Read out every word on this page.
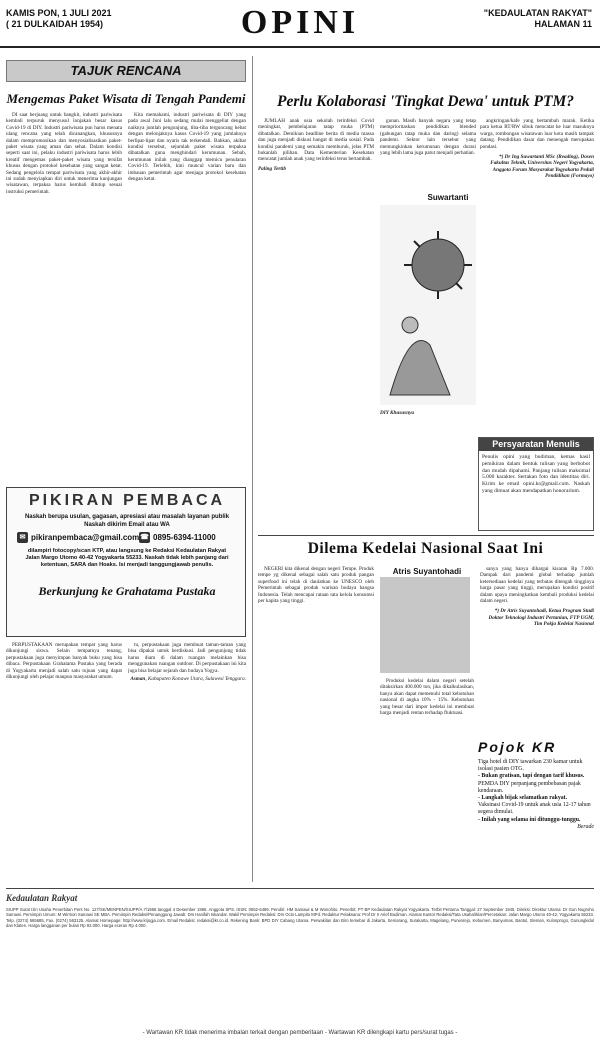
KAMIS PON, 1 JULI 2021
( 21 DULKAIDAH 1954)	OPINI	"KEDAULATAN RAKYAT"
HALAMAN 11
TAJUK RENCANA
Mengemas Paket Wisata di Tengah Pandemi

DI saat berjuang untuk bangkit, industri pariwisata kembali terpuruk menyusul lonjakan besar kasus Covid-19 di DIY. Industri pariwisata pun harus menata ulang rencana yang telah dicanangkan, khususnya dalam mempromosikan dan menyosialisasikan paket-paket wisata yang aman dan sehat. Dalam kondisi seperti saat ini, pelaku industri pariwisata harus lebih kreatif mengemas paket-paket wisata yang tersifat khusus dengan protokol kesehatan yang sangat ketat. Sedang pengelola tempat pariwisata yang akhir-akhir ini sudah menyiapkan diri untuk menerima kunjungan wisatawan, terpaksa harus kembali ditutup sesuai instruksi pemerintah.

Kita memahami, industri pariwisata di DIY yang pada awal Juni lalu sedang mulai menggeliat dengan naiknya jumlah pengunjung, tiba-tiba terguncang hebat dengan melonjaknya kasus Covid-19 yang jumlahnya berlipat-lipat dan nyaris tak terkendali. Bahkan, akibat kondisi tersebut, sejumlah paket wisata terpaksa dibatalkan guna menghindari kerumunan. Sebab, kerumunan inilah yang dianggap memicu penularan Covid-19. Terlebih, kini muncul varian baru dan imbauan pemerintah agar menjaga protokol kesehatan dengan ketat.

PIKIRAN PEMBACA
Naskah berupa usulan, gagasan, apresiasi atau masalah layanan publik
Naskah dikirim Email atau WA
✉ pikiranpembaca@gmail.com ☎ 0895-6394-11000
dilampiri fotocopy/scan KTP, atau langsung ke Redaksi Kedaulatan Rakyat
Jalan Margo Utomo 40-42 Yogyakarta 55233. Naskah tidak lebih panjang dari ketentuan, SARA dan Hoaks. Isi menjadi tanggungjawab penulis.
Berkunjung ke Grahatama Pustaka

PERPUSTAKAAN merupakan tempat yang harus dikunjungi siswa. Selain tempatnya tenang, perpustakaan juga menyimpan banyak buku yang bisa dibaca. Perpustakaan Grahatama Pustaka yang berada di Yogyakarta menjadi salah satu tujuan yang dapat dikunjungi oleh pelajar maupun masyarakat umum.

tu, perpustakaan juga membuat taman-taman yang bisa dipakai untuk berdiskusi. Jadi pengunjung tidak harus diam di dalam ruangan melainkan bisa menggunakan ruangan outdoor. Di perpustakaan ini kita juga bisa belajar sejarah dan budaya Yogya.

Asman, Kabupaten Konawe Utara, Sulawesi Tenggara.

Perlu Kolaborasi 'Tingkat Dewa' untuk PTM?

JUMLAH anak usia sekolah terinfeksi Covid meningkat, pembelajaran tatap muka (PTM) dibatalkan. Demikian headline berita di media massa dan juga menjadi diskusi hangat di media sosial. Pada kondisi pandemi yang semakin memburuk, jelas PTM bukanlah pilihan. Data Kementerian Kesehatan mencatat jumlah anak yang terinfeksi terus bertambah.

Paling Tertib

Suwartanti

gunan. Masih banyak negara yang tetap memprioritaskan pendidikan blended (gabungan tatap muka dan daring) selama pandemi. Sektor lain tersebut yang memungkinkan kerumunan dengan durasi yang lebih lama juga patut menjadi perhatian.

DIY Khususnya

angkringan/kafe yang bertambah marak. Ketika para ketua RT/RW sibuk mencatat ke luar masuknya warga, rombongan wisatawan luar kota masih tampak datang. Pendidikan dasar dan menengah merupakan pondasi.

*) Dr Ing Suwartanti MSc (Reading), Dosen Fakultas Teknik, Universitas Negeri Yogyakarta, Anggota Forum Masyarakat Yogyakarta Peduli Pendidikan (Formayo)

Persyaratan Menulis
Penulis opini yang budiman, kemas hasil pemikiran dalam bentuk tulisan yang berbobot dan mudah dipahami. Panjang tulisan maksimal 5.000 karakter. Sertakan foto dan identitas diri. Kirim ke email opini.kr@gmail.com. Naskah yang dimuat akan mendapatkan honorarium.
Dilema Kedelai Nasional Saat Ini

NEGERI kita dikenal dengan negeri Tempe. Produk tempe yg dikenal sebagai salah satu produk pangan superfood ini telah di daulatkan ke UNESCO oleh Pemerintah sebagai produk warisan budaya bangsa Indonesia. Telah mencapai rataan tata kelola konsumsi per kapita yang tinggi.

Atris Suyantohadi

Produksi kedelai dalam negeri setelah ditaksirkan 400.000 ton, jika dikalkulasikan, hanya akan dapat memenuhi total kebutuhan nasional di angka 10% - 15%. Kebutuhan yang besar dari impor kedelai ini membuat harga menjadi rentan terhadap fluktuasi.

sanya yang hanya dihargai kisaran Rp 7.000. Dampak dari pandemi global terhadap jumlah ketersediaan kedelai yang terbatas ditengah tingginya harga pasar yang tinggi, merupakan kondisi positif dalam upaya meningkatkan kembali produksi kedelai dalam negeri.

*) Dr Atris Suyantohadi, Ketua Program Studi Doktor Teknologi Industri Pertanian, FTP UGM, Tim Pokja Kedelai Nasional

Pojok KR
Tiga hotel di DIY tawarkan 230 kamar untuk isolasi pasien OTG.
- Bukan gratisan, tapi dengan tarif khusus.
PEMDA DIY perpanjang pembebasan pajak kendaraan.
- Langkah bijak selamatkan rakyat.
Vaksinasi Covid-19 untuk anak usia 12-17 tahun segera dimulai.
- Inilah yang selama ini ditunggu-tunggu.
Berade
Kedaulatan Rakyat
SIUPP Surat Izin Usaha Penerbitan Pers No. 127/SK/MENPEN/SIUPP/A.7/1986 tanggal 4 Desember 1986. Anggota SPS. ISSN: 0852-6486. Pendiri: HM Samawi & M Wonohito. Penerbit: PT BP Kedaulatan Rakyat Yogyakarta. Terbit Pertama Tanggal: 27 September 1945. Direksi: Direktur Utama: Dr Gun Nugroho Samawi. Pemimpin Umum: M Wirmon Samawi SE MBA. Pemimpin Redaksi/Penanggung Jawab: Drs Hanifah Iskandar. Wakil Pemimpin Redaksi: Drs Octo Lampito MPd. Redaktur Pelaksana: Prof Dr Ir Arief Budiman. Alamat Kantor Redaksi/Tata Usaha/Iklan/Percetakan: Jalan Margo Utomo 40-42, Yogyakarta 55233. Telp. (0274) 565685, Fax. (0274) 563125. Alamat Homepage: http://www.krjogja.com. Email Redaksi: redaksi@kr.co.id. Rekening Bank: BPD DIY Cabang Utama. Perwakilan dan Biro tersebar di Jakarta, Semarang, Surakarta, Magelang, Purworejo, Kebumen, Banyumas, Bantul, Sleman, Kulonprogo, Gunungkidul dan Klaten. Harga langganan per bulan Rp 92.000. Harga eceran Rp 4.000.
- Wartawan KR tidak menerima imbalan terkait dengan pemberitaan - Wartawan KR dilengkapi kartu pers/surat tugas -
